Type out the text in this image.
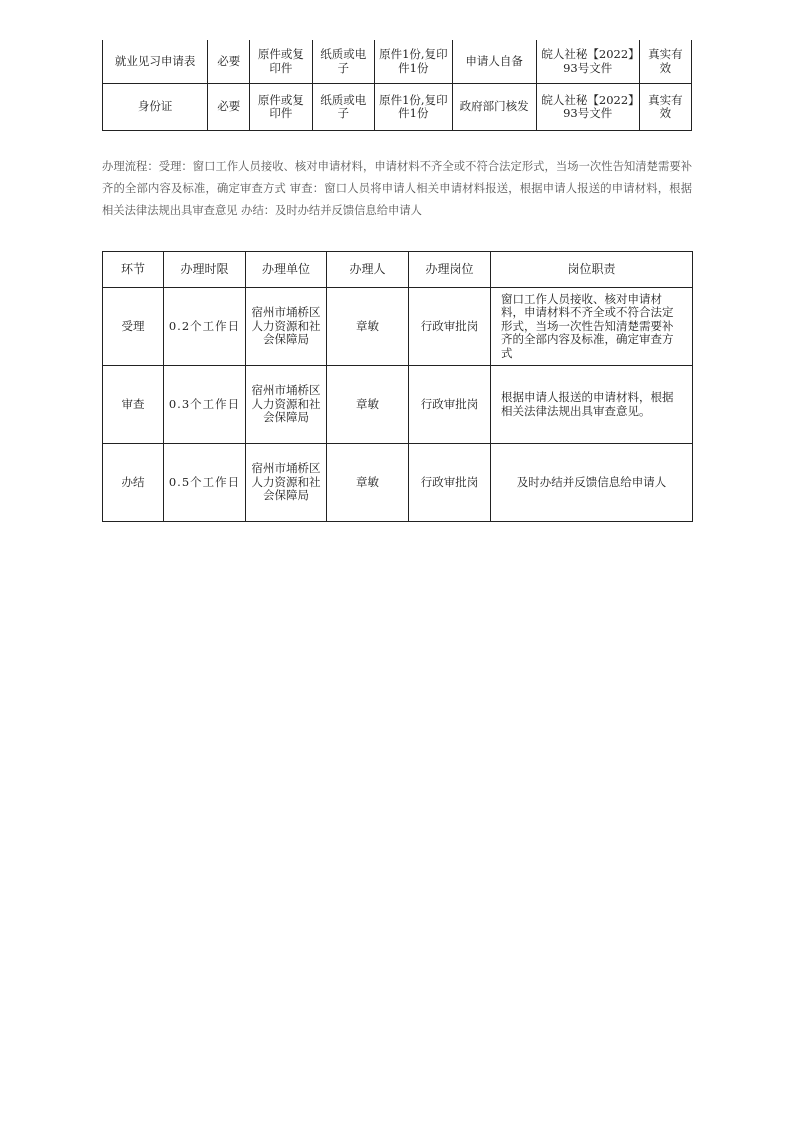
就业见习申请表	必要	原件或复印件	纸质或电子	原件1份,复印件1份	申请人自备	皖人社秘【2022】93号文件	真实有效
身份证	必要	原件或复印件	纸质或电子	原件1份,复印件1份	政府部门核发	皖人社秘【2022】93号文件	真实有效
办理流程：受理：窗口工作人员接收、核对申请材料，申请材料不齐全或不符合法定形式，当场一次性告知清楚需要补齐的全部内容及标准，确定审查方式 审查：窗口人员将申请人相关申请材料报送，根据申请人报送的申请材料，根据相关法律法规出具审查意见 办结：及时办结并反馈信息给申请人
环节	办理时限	办理单位	办理人	办理岗位	岗位职责
受理	0.2个工作日	宿州市埇桥区人力资源和社会保障局	章敏	行政审批岗	窗口工作人员接收、核对申请材料，申请材料不齐全或不符合法定形式，当场一次性告知清楚需要补齐的全部内容及标准，确定审查方式
审查	0.3个工作日	宿州市埇桥区人力资源和社会保障局	章敏	行政审批岗	根据申请人报送的申请材料，根据相关法律法规出具审查意见。
办结	0.5个工作日	宿州市埇桥区人力资源和社会保障局	章敏	行政审批岗	及时办结并反馈信息给申请人
